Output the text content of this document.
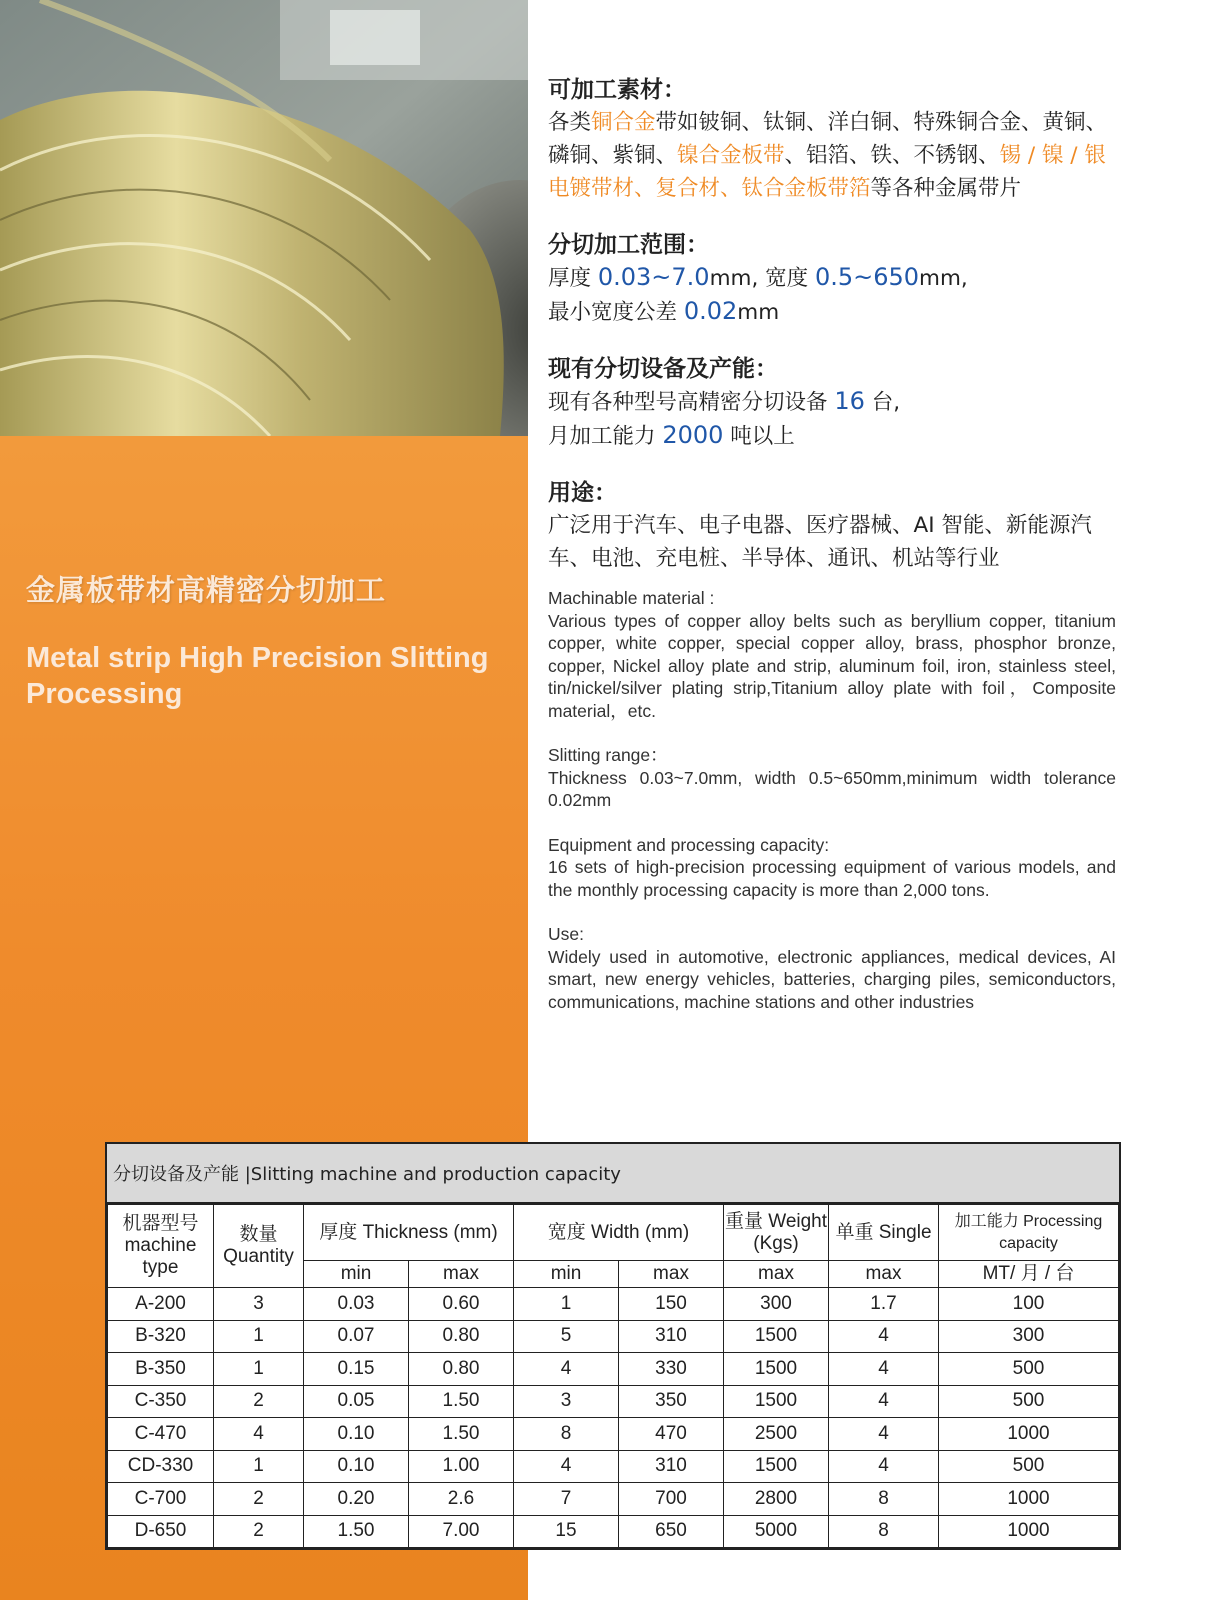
金属板带材高精密分切加工
Metal strip High Precision Slitting Processing
可加工素材：
各类铜合金带如铍铜、钛铜、洋白铜、特殊铜合金、黄铜、磷铜、紫铜、镍合金板带、铝箔、铁、不锈钢、锡 / 镍 / 银电镀带材、复合材、钛合金板带箔等各种金属带片
分切加工范围：
厚度 0.03~7.0mm, 宽度 0.5~650mm,
最小宽度公差 0.02mm
现有分切设备及产能：
现有各种型号高精密分切设备 16 台,
月加工能力 2000 吨以上
用途：
广泛用于汽车、电子电器、医疗器械、AI 智能、新能源汽车、电池、充电桩、半导体、通讯、机站等行业
Machinable material :
Various types of copper alloy belts such as beryllium copper, titanium copper, white copper, special copper alloy, brass, phosphor bronze, copper, Nickel alloy plate and strip, aluminum foil, iron, stainless steel, tin/nickel/silver plating strip,Titanium alloy plate with foil，Composite material，etc.
Slitting range：
Thickness 0.03~7.0mm, width 0.5~650mm,minimum width tolerance 0.02mm
Equipment and processing capacity:
16 sets of high-precision processing equipment of various models, and the monthly processing capacity is more than 2,000 tons.
Use:
Widely used in automotive, electronic appliances, medical devices, AI smart, new energy vehicles, batteries, charging piles, semiconductors, communications, machine stations and other industries
分切设备及产能 |Slitting machine and production capacity
机器型号 machine type	数量 Quantity	厚度 Thickness (mm)		宽度 Width (mm)		重量 Weight (Kgs)	单重 Single	加工能力 Processing capacity
		min	max	min	max	max	max	MT/ 月 / 台
A-200	3	0.03	0.60	1	150	300	1.7	100
B-320	1	0.07	0.80	5	310	1500	4	300
B-350	1	0.15	0.80	4	330	1500	4	500
C-350	2	0.05	1.50	3	350	1500	4	500
C-470	4	0.10	1.50	8	470	2500	4	1000
CD-330	1	0.10	1.00	4	310	1500	4	500
C-700	2	0.20	2.6	7	700	2800	8	1000
D-650	2	1.50	7.00	15	650	5000	8	1000
